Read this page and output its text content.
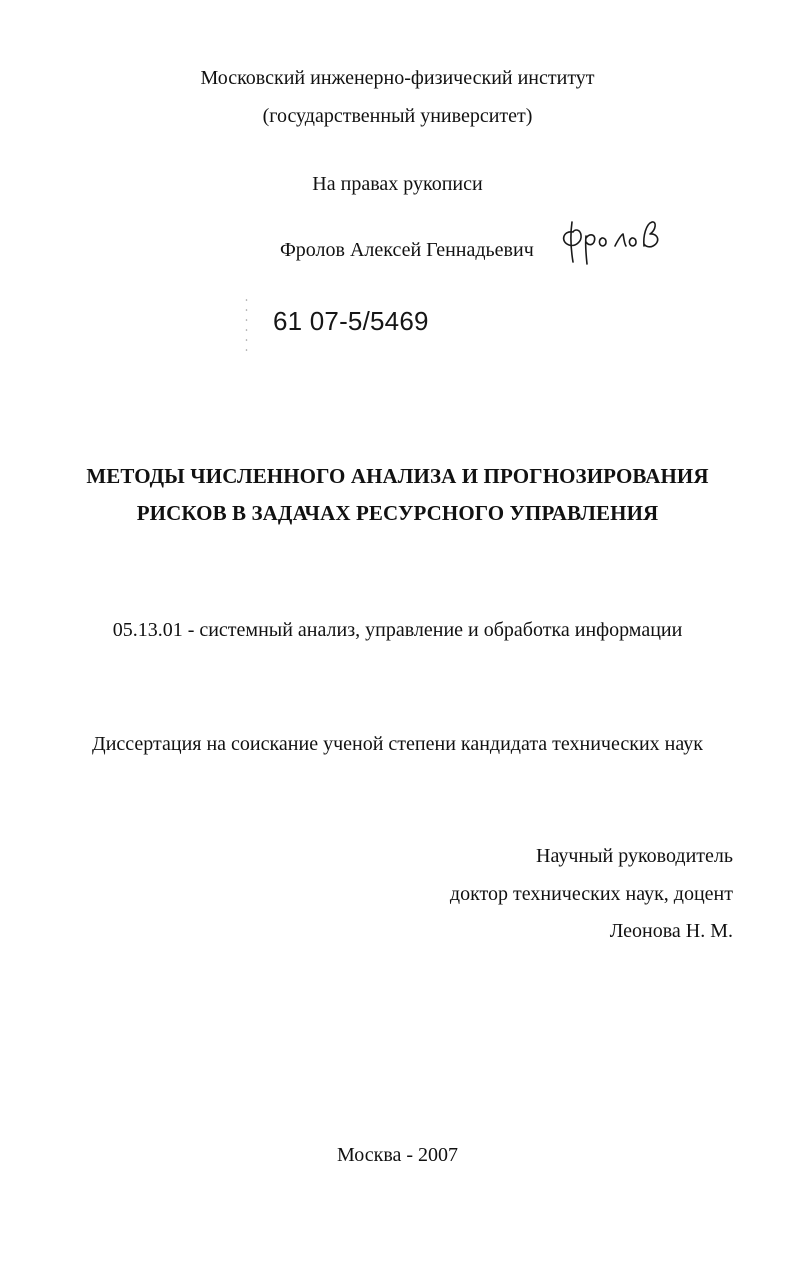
Московский инженерно-физический институт
(государственный университет)
На правах рукописи
Фролов Алексей Геннадьевич
61 07-5/5469
МЕТОДЫ ЧИСЛЕННОГО АНАЛИЗА И ПРОГНОЗИРОВАНИЯ
РИСКОВ В ЗАДАЧАХ РЕСУРСНОГО УПРАВЛЕНИЯ
05.13.01 - системный анализ, управление и обработка информации
Диссертация на соискание ученой степени кандидата технических наук
Научный руководитель
доктор технических наук, доцент
Леонова Н. М.
Москва - 2007
